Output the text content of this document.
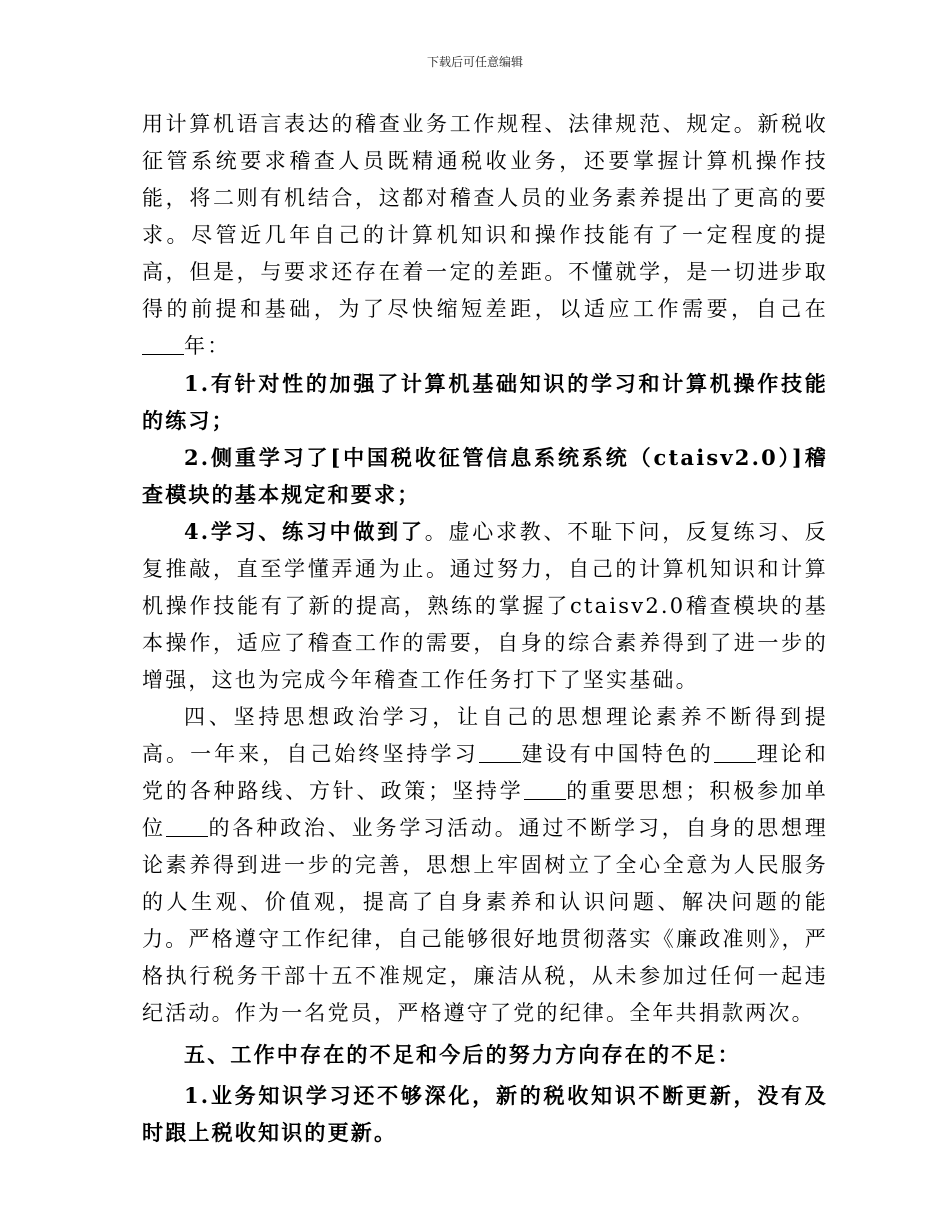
下载后可任意编辑

用计算机语言表达的稽查业务工作规程、法律规范、规定。新税收征管系统要求稽查人员既精通税收业务，还要掌握计算机操作技能，将二则有机结合，这都对稽查人员的业务素养提出了更高的要求。尽管近几年自己的计算机知识和操作技能有了一定程度的提高，但是，与要求还存在着一定的差距。不懂就学，是一切进步取得的前提和基础，为了尽快缩短差距，以适应工作需要，自己在年：

1.有针对性的加强了计算机基础知识的学习和计算机操作技能的练习；

2.侧重学习了[中国税收征管信息系统系统（ctaisv2.0）]稽查模块的基本规定和要求；

4.学习、练习中做到了。虚心求教、不耻下问，反复练习、反复推敲，直至学懂弄通为止。通过努力，自己的计算机知识和计算机操作技能有了新的提高，熟练的掌握了ctaisv2.0稽查模块的基本操作，适应了稽查工作的需要，自身的综合素养得到了进一步的增强，这也为完成今年稽查工作任务打下了坚实基础。

四、坚持思想政治学习，让自己的思想理论素养不断得到提高。一年来，自己始终坚持学习 建设有中国特色的 理论和党的各种路线、方针、政策；坚持学 的重要思想；积极参加单位 的各种政治、业务学习活动。通过不断学习，自身的思想理论素养得到进一步的完善，思想上牢固树立了全心全意为人民服务的人生观、价值观，提高了自身素养和认识问题、解决问题的能力。严格遵守工作纪律，自己能够很好地贯彻落实《廉政准则》，严格执行税务干部十五不准规定，廉洁从税，从未参加过任何一起违纪活动。作为一名党员，严格遵守了党的纪律。全年共捐款两次。

五、工作中存在的不足和今后的努力方向存在的不足：

1.业务知识学习还不够深化，新的税收知识不断更新，没有及时跟上税收知识的更新。
